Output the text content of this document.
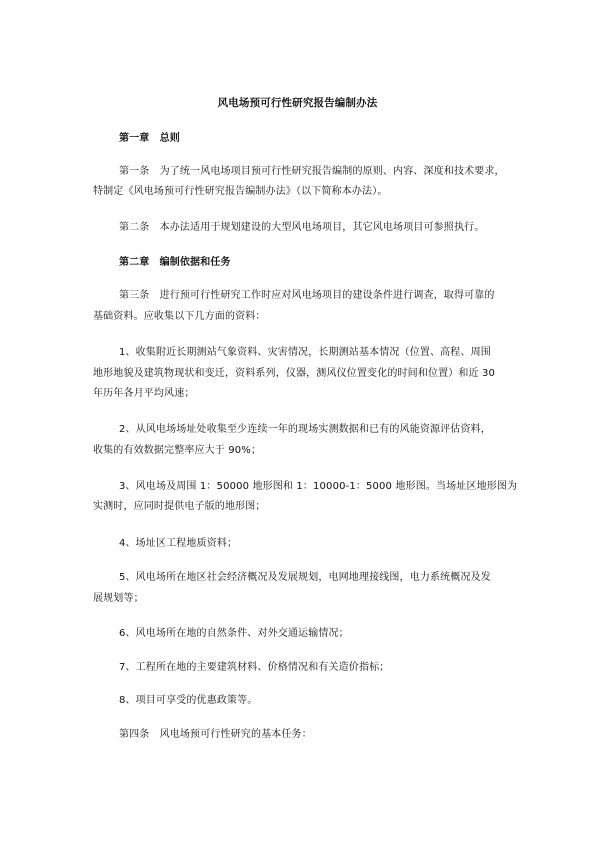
风电场预可行性研究报告编制办法
第一章　总则
第一条　为了统一风电场项目预可行性研究报告编制的原则、内容、深度和技术要求，
特制定《风电场预可行性研究报告编制办法》（以下简称本办法）。
第二条　本办法适用于规划建设的大型风电场项目，其它风电场项目可参照执行。
第二章　编制依据和任务
第三条　进行预可行性研究工作时应对风电场项目的建设条件进行调查，取得可靠的
基础资料。应收集以下几方面的资料：
1、收集附近长期测站气象资料、灾害情况，长期测站基本情况（位置、高程、周围
地形地貌及建筑物现状和变迁，资料系列，仪器，测风仪位置变化的时间和位置）和近 30
年历年各月平均风速；
2、从风电场场址处收集至少连续一年的现场实测数据和已有的风能资源评估资料，
收集的有效数据完整率应大于 90%；
3、风电场及周围 1：50000 地形图和 1：10000-1：5000 地形图。当场址区地形图为
实测时，应同时提供电子版的地形图；
4、场址区工程地质资料；
5、风电场所在地区社会经济概况及发展规划，电网地理接线图，电力系统概况及发
展规划等；
6、风电场所在地的自然条件、对外交通运输情况；
7、工程所在地的主要建筑材料、价格情况和有关造价指标；
8、项目可享受的优惠政策等。
第四条　风电场预可行性研究的基本任务：
